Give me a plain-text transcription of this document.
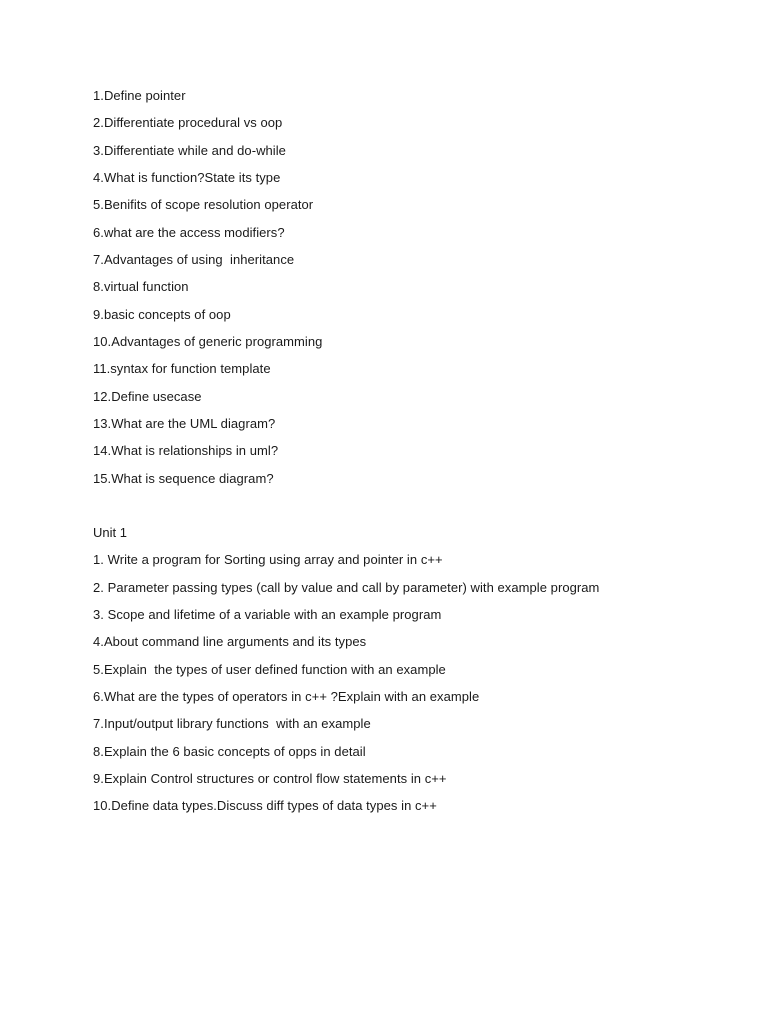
1.Define pointer
2.Differentiate procedural vs oop
3.Differentiate while and do-while
4.What is function?State its type
5.Benifits of scope resolution operator
6.what are the access modifiers?
7.Advantages of using  inheritance
8.virtual function
9.basic concepts of oop
10.Advantages of generic programming
11.syntax for function template
12.Define usecase
13.What are the UML diagram?
14.What is relationships in uml?
15.What is sequence diagram?
Unit 1
1. Write a program for Sorting using array and pointer in c++
2. Parameter passing types (call by value and call by parameter) with example program
3. Scope and lifetime of a variable with an example program
4.About command line arguments and its types
5.Explain  the types of user defined function with an example
6.What are the types of operators in c++ ?Explain with an example
7.Input/output library functions  with an example
8.Explain the 6 basic concepts of opps in detail
9.Explain Control structures or control flow statements in c++
10.Define data types.Discuss diff types of data types in c++
